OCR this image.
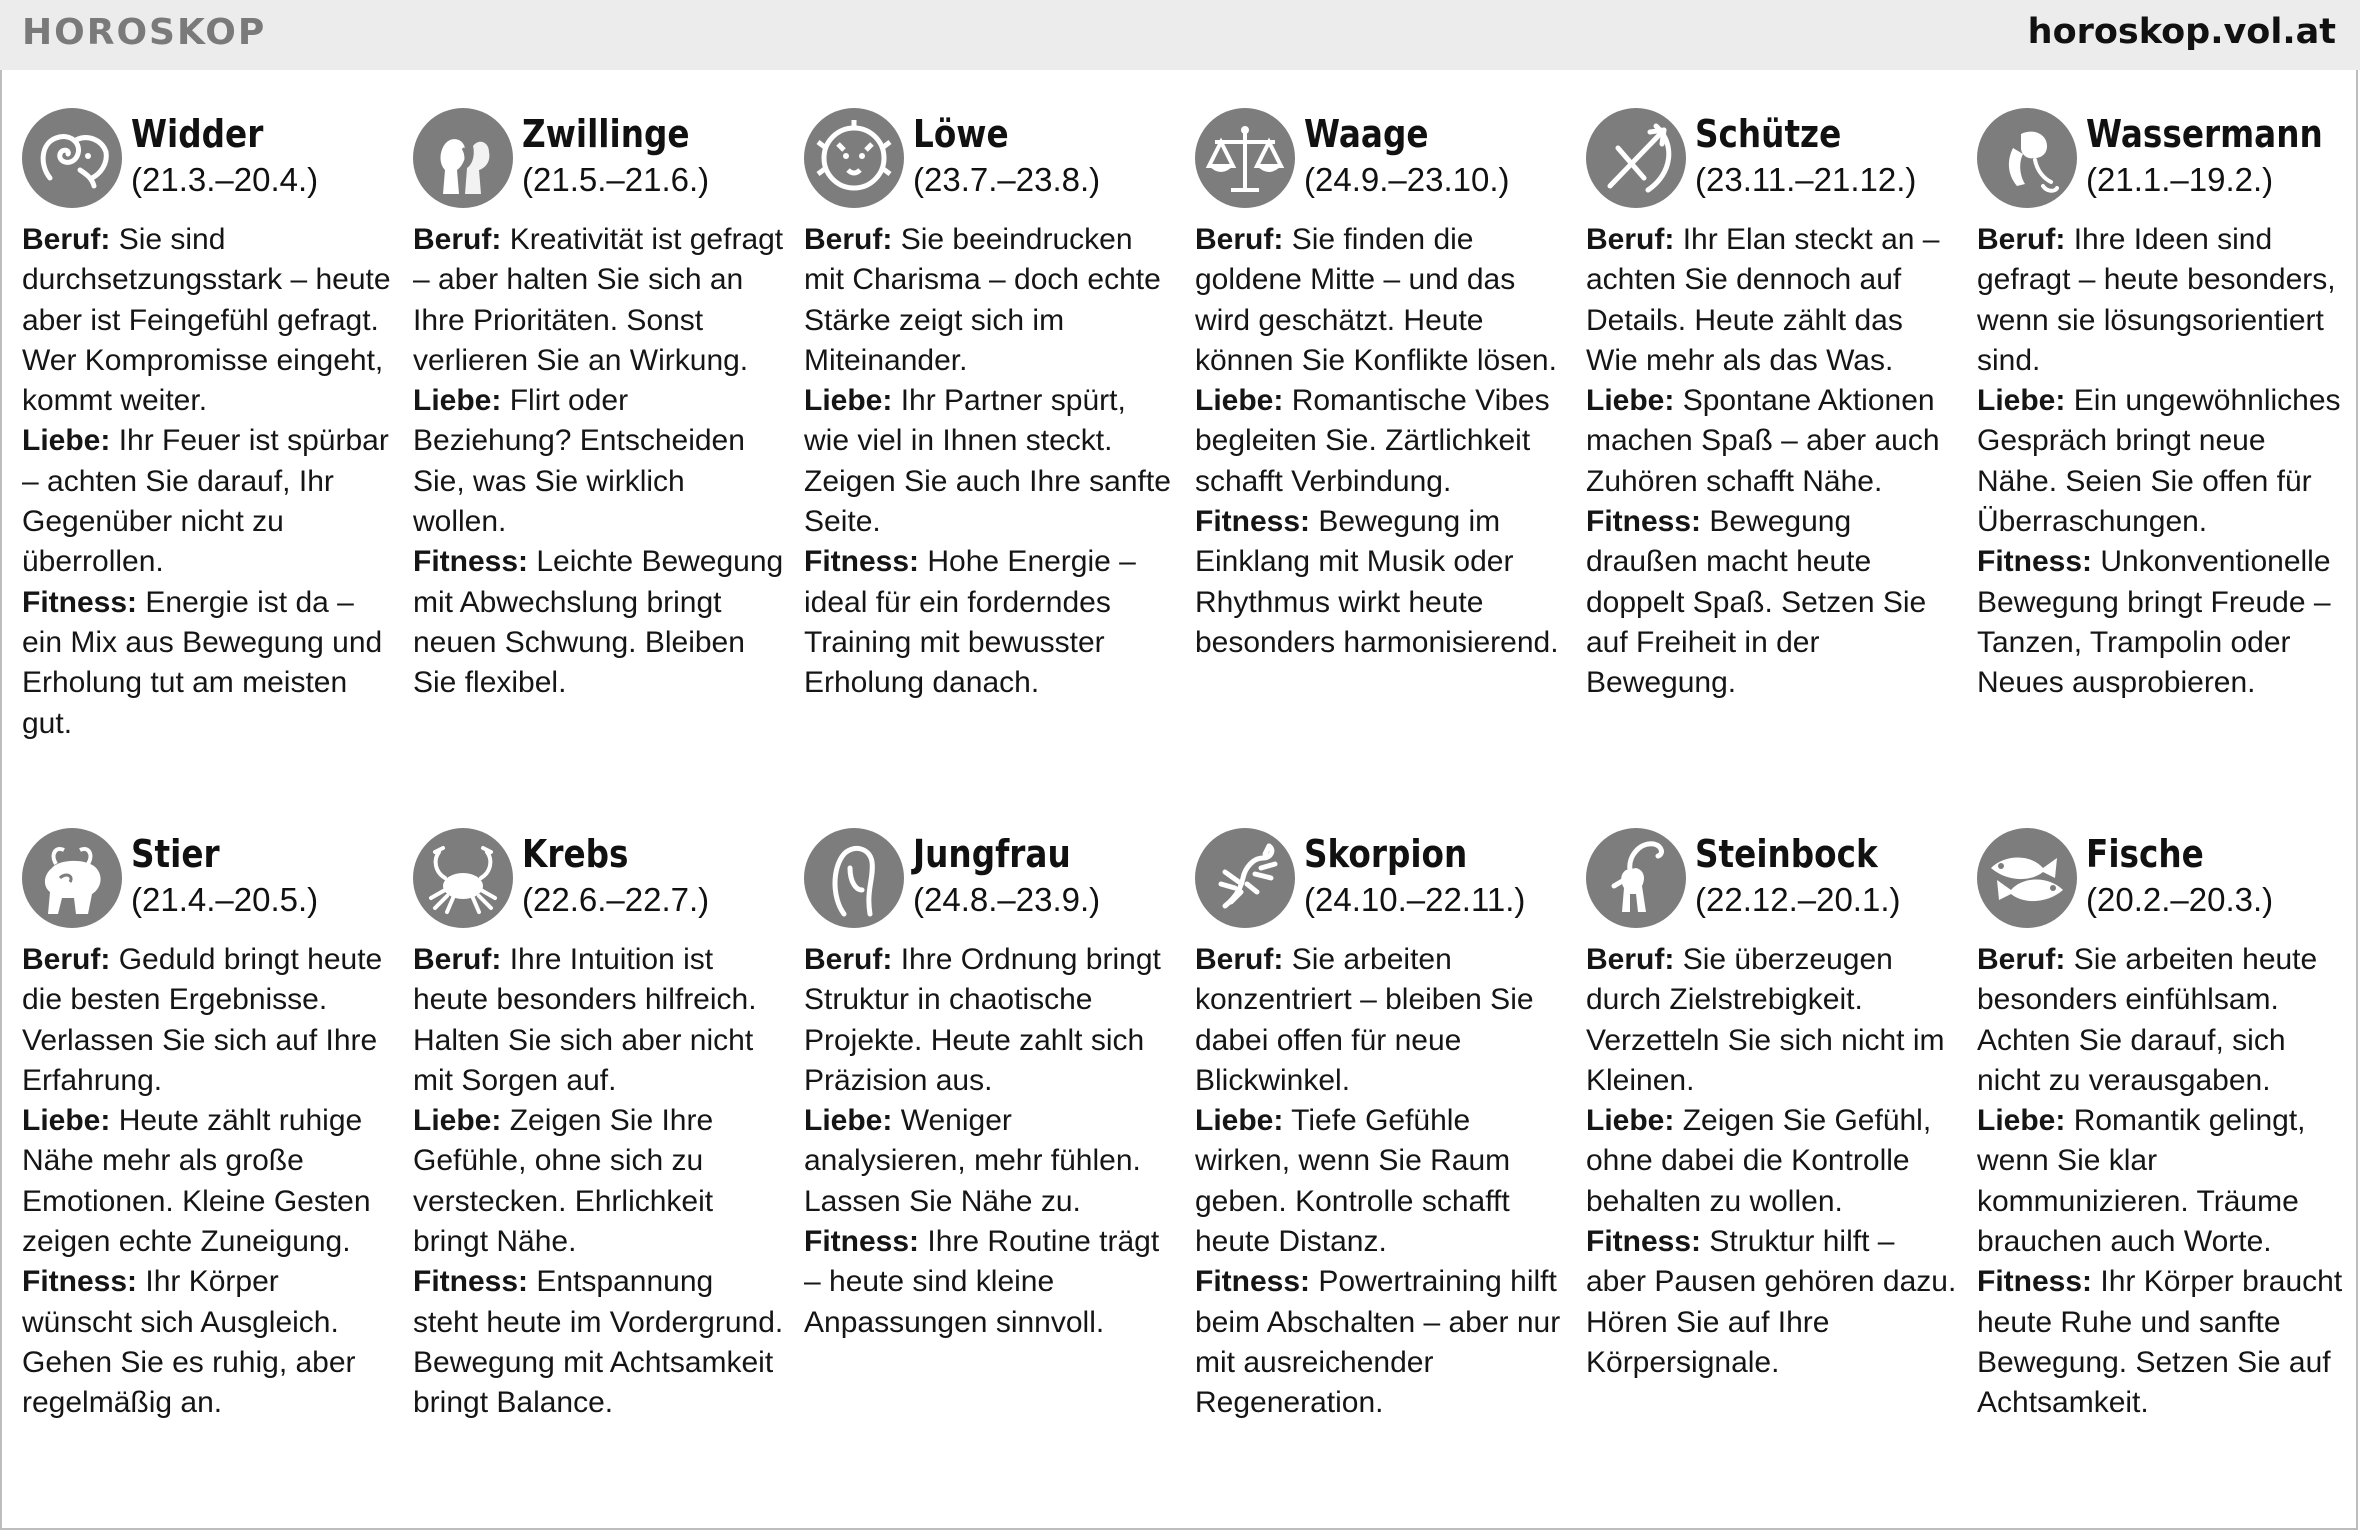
HOROSKOP	horoskop.vol.at
Widder
(21.3.–20.4.)

Beruf: Sie sind durchsetzungsstark – heute aber ist Feingefühl gefragt. Wer Kompromisse eingeht, kommt weiter.

Liebe: Ihr Feuer ist spürbar – achten Sie darauf, Ihr Gegenüber nicht zu überrollen.

Fitness: Energie ist da – ein Mix aus Bewegung und Erholung tut am meisten gut.

Zwillinge
(21.5.–21.6.)

Beruf: Kreativität ist gefragt – aber halten Sie sich an Ihre Prioritäten. Sonst verlieren Sie an Wirkung.

Liebe: Flirt oder Beziehung? Entscheiden Sie, was Sie wirklich wollen.

Fitness: Leichte Bewegung mit Abwechslung bringt neuen Schwung. Bleiben Sie flexibel.

Löwe
(23.7.–23.8.)

Beruf: Sie beeindrucken mit Charisma – doch echte Stärke zeigt sich im Miteinander.

Liebe: Ihr Partner spürt, wie viel in Ihnen steckt. Zeigen Sie auch Ihre sanfte Seite.

Fitness: Hohe Energie – ideal für ein forderndes Training mit bewusster Erholung danach.

Waage
(24.9.–23.10.)

Beruf: Sie finden die goldene Mitte – und das wird geschätzt. Heute können Sie Konflikte lösen.

Liebe: Romantische Vibes begleiten Sie. Zärtlichkeit schafft Verbindung.

Fitness: Bewegung im Einklang mit Musik oder Rhythmus wirkt heute besonders harmonisierend.

Schütze
(23.11.–21.12.)

Beruf: Ihr Elan steckt an – achten Sie dennoch auf Details. Heute zählt das Wie mehr als das Was.

Liebe: Spontane Aktionen machen Spaß – aber auch Zuhören schafft Nähe.

Fitness: Bewegung draußen macht heute doppelt Spaß. Setzen Sie auf Freiheit in der Bewegung.

Wassermann
(21.1.–19.2.)

Beruf: Ihre Ideen sind gefragt – heute besonders, wenn sie lösungsorientiert sind.

Liebe: Ein ungewöhnliches Gespräch bringt neue Nähe. Seien Sie offen für Überraschungen.

Fitness: Unkonventionelle Bewegung bringt Freude – Tanzen, Trampolin oder Neues ausprobieren.

Stier
(21.4.–20.5.)

Beruf: Geduld bringt heute die besten Ergebnisse. Verlassen Sie sich auf Ihre Erfahrung.

Liebe: Heute zählt ruhige Nähe mehr als große Emotionen. Kleine Gesten zeigen echte Zuneigung.

Fitness: Ihr Körper wünscht sich Ausgleich. Gehen Sie es ruhig, aber regelmäßig an.

Krebs
(22.6.–22.7.)

Beruf: Ihre Intuition ist heute besonders hilfreich. Halten Sie sich aber nicht mit Sorgen auf.

Liebe: Zeigen Sie Ihre Gefühle, ohne sich zu verstecken. Ehrlichkeit bringt Nähe.

Fitness: Entspannung steht heute im Vordergrund. Bewegung mit Achtsamkeit bringt Balance.

Jungfrau
(24.8.–23.9.)

Beruf: Ihre Ordnung bringt Struktur in chaotische Projekte. Heute zahlt sich Präzision aus.

Liebe: Weniger analysieren, mehr fühlen. Lassen Sie Nähe zu.

Fitness: Ihre Routine trägt – heute sind kleine Anpassungen sinnvoll.

Skorpion
(24.10.–22.11.)

Beruf: Sie arbeiten konzentriert – bleiben Sie dabei offen für neue Blickwinkel.

Liebe: Tiefe Gefühle wirken, wenn Sie Raum geben. Kontrolle schafft heute Distanz.

Fitness: Powertraining hilft beim Abschalten – aber nur mit ausreichender Regeneration.

Steinbock
(22.12.–20.1.)

Beruf: Sie überzeugen durch Zielstrebigkeit. Verzetteln Sie sich nicht im Kleinen.

Liebe: Zeigen Sie Gefühl, ohne dabei die Kontrolle behalten zu wollen.

Fitness: Struktur hilft – aber Pausen gehören dazu. Hören Sie auf Ihre Körpersignale.

Fische
(20.2.–20.3.)

Beruf: Sie arbeiten heute besonders einfühlsam. Achten Sie darauf, sich nicht zu verausgaben.

Liebe: Romantik gelingt, wenn Sie klar kommunizieren. Träume brauchen auch Worte.

Fitness: Ihr Körper braucht heute Ruhe und sanfte Bewegung. Setzen Sie auf Achtsamkeit.
